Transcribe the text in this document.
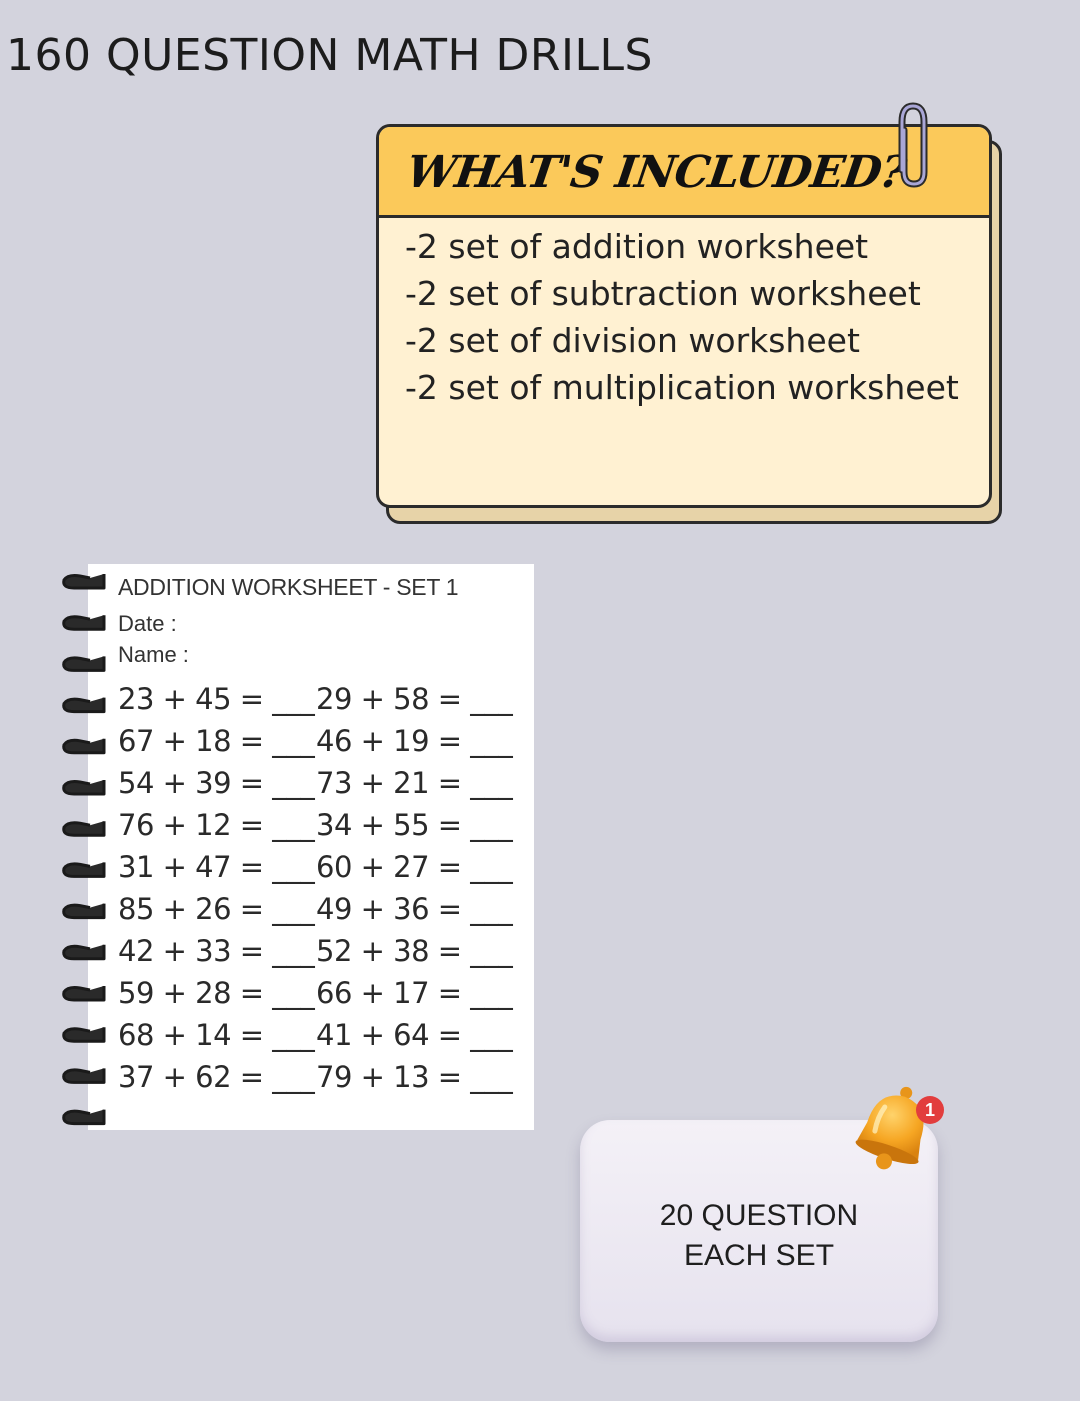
160 QUESTION MATH DRILLS
WHAT'S INCLUDED?
-2 set of addition worksheet
-2 set of subtraction worksheet
-2 set of division worksheet
-2 set of multiplication worksheet
ADDITION WORKSHEET - SET 1
Date :
Name :
23 + 45 = ___ 29 + 58 = ___
67 + 18 = ___ 46 + 19 = ___
54 + 39 = ___ 73 + 21 = ___
76 + 12 = ___ 34 + 55 = ___
31 + 47 = ___ 60 + 27 = ___
85 + 26 = ___ 49 + 36 = ___
42 + 33 = ___ 52 + 38 = ___
59 + 28 = ___ 66 + 17 = ___
68 + 14 = ___ 41 + 64 = ___
37 + 62 = ___ 79 + 13 = ___
20 QUESTION
EACH SET
1
